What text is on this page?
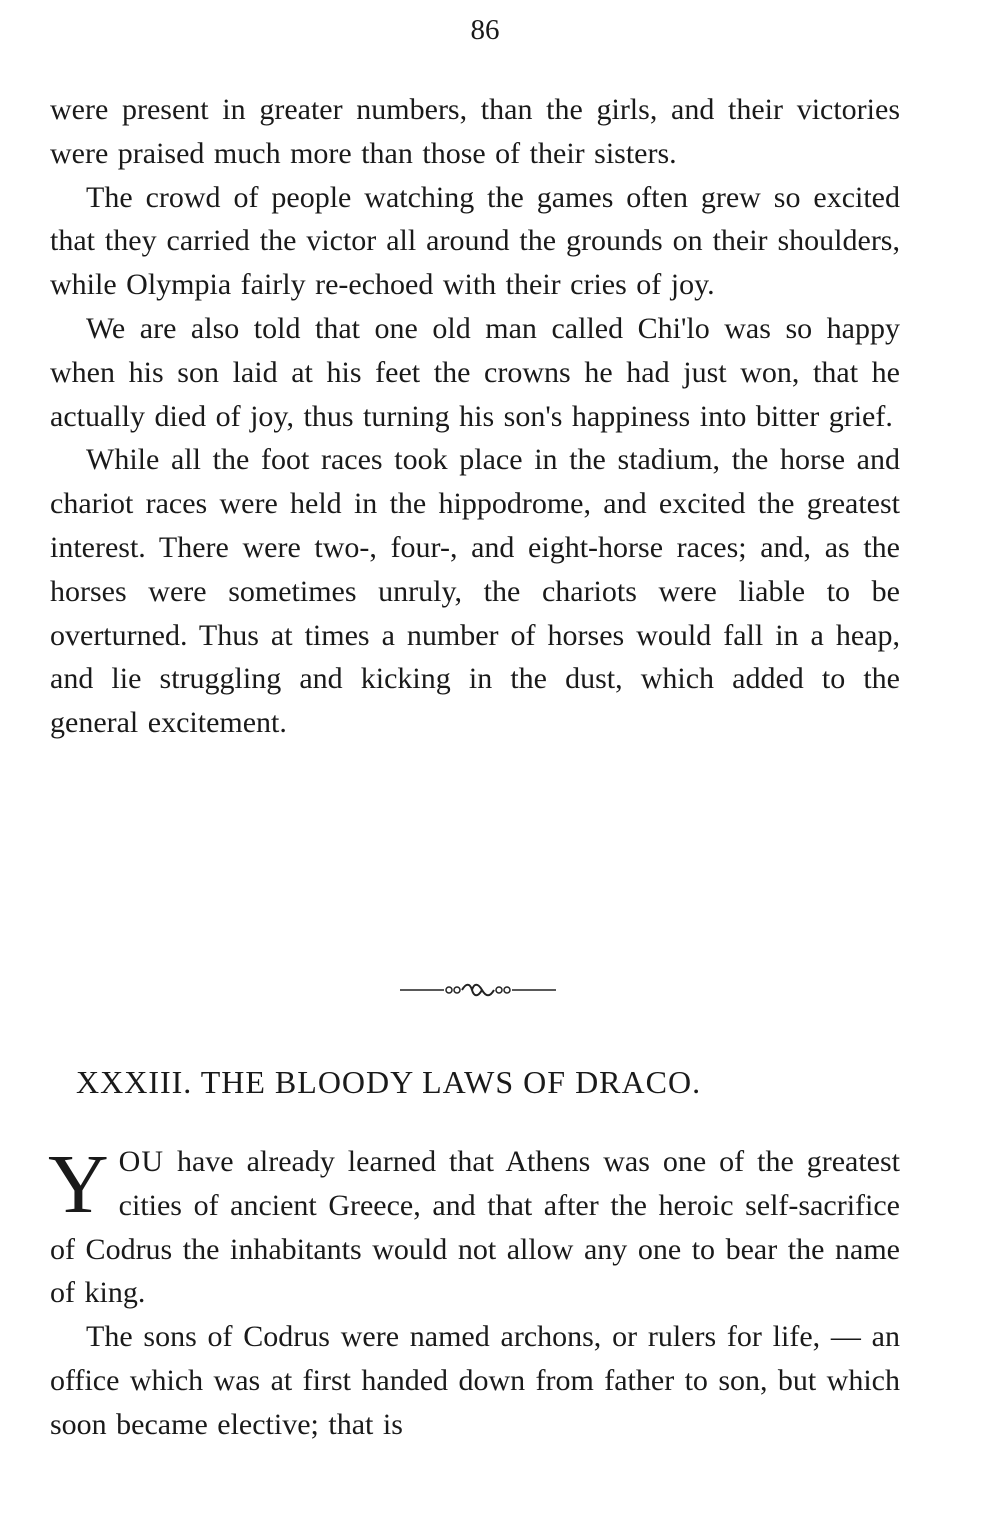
86

were present in greater numbers, than the girls, and their victories were praised much more than those of their sisters.

The crowd of people watching the games often grew so excited that they carried the victor all around the grounds on their shoulders, while Olympia fairly re-echoed with their cries of joy.

We are also told that one old man called Chi'lo was so happy when his son laid at his feet the crowns he had just won, that he actually died of joy, thus turning his son's happiness into bitter grief.

While all the foot races took place in the stadium, the horse and chariot races were held in the hippodrome, and excited the greatest interest. There were two-, four-, and eight-horse races; and, as the horses were sometimes unruly, the chariots were liable to be overturned. Thus at times a number of horses would fall in a heap, and lie struggling and kicking in the dust, which added to the general excitement.

XXXIII. THE BLOODY LAWS OF DRACO.

YOU have already learned that Athens was one of the greatest cities of ancient Greece, and that after the heroic self-sacrifice of Codrus the inhabitants would not allow any one to bear the name of king.

The sons of Codrus were named archons, or rulers for life, — an office which was at first handed down from father to son, but which soon became elective; that is
